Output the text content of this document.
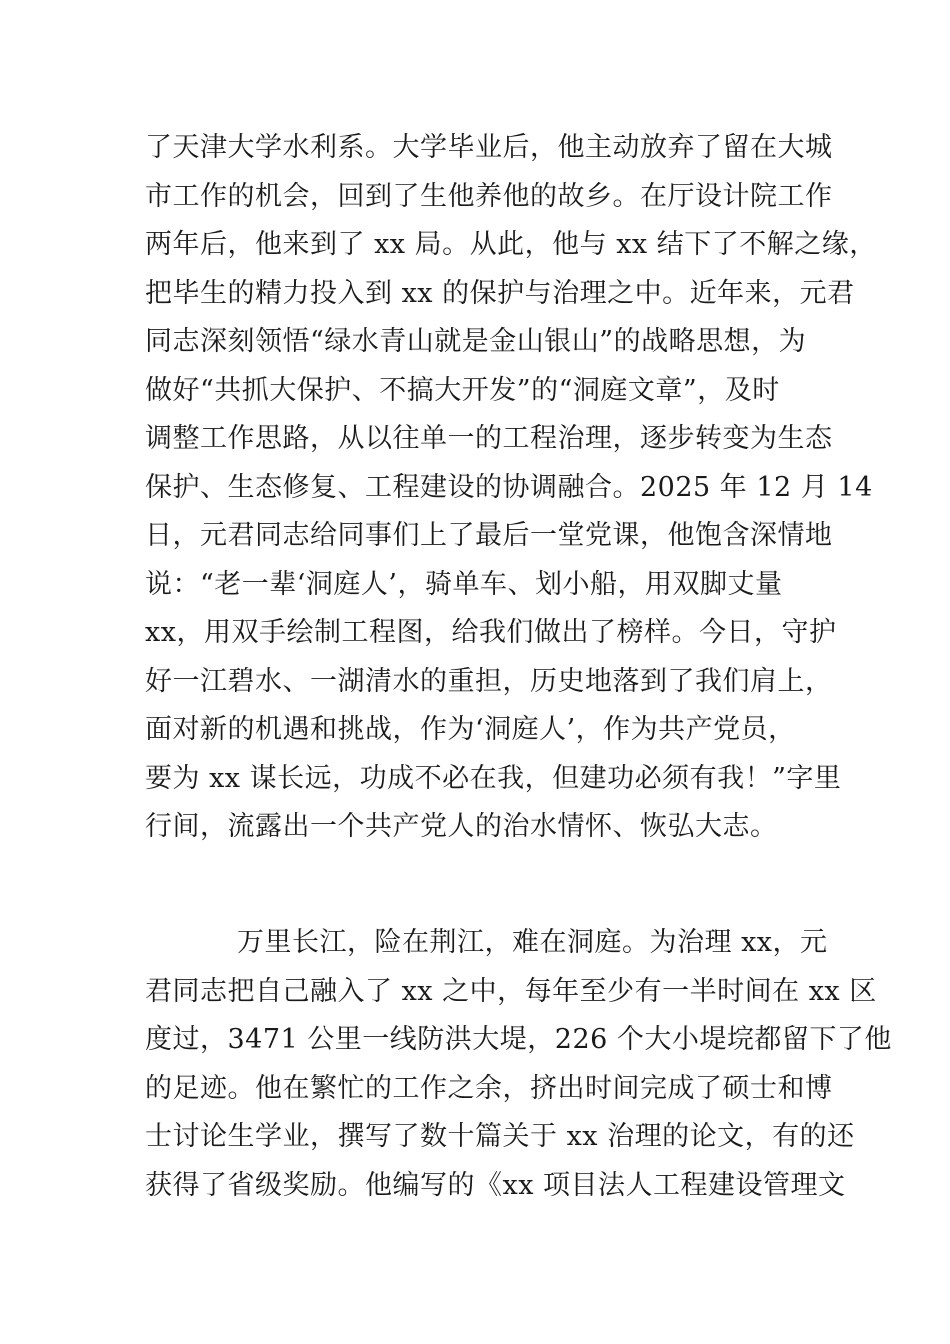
了天津大学水利系。大学毕业后，他主动放弃了留在大城
市工作的机会，回到了生他养他的故乡。在厅设计院工作
两年后，他来到了 xx 局。从此，他与 xx 结下了不解之缘，
把毕生的精力投入到 xx 的保护与治理之中。近年来，元君
同志深刻领悟“绿水青山就是金山银山”的战略思想，为
做好“共抓大保护、不搞大开发”的“洞庭文章”，及时
调整工作思路，从以往单一的工程治理，逐步转变为生态
保护、生态修复、工程建设的协调融合。2025 年 12 月 14
日，元君同志给同事们上了最后一堂党课，他饱含深情地
说：“老一辈‘洞庭人’，骑单车、划小船，用双脚丈量
xx，用双手绘制工程图，给我们做出了榜样。今日，守护
好一江碧水、一湖清水的重担，历史地落到了我们肩上，
面对新的机遇和挑战，作为‘洞庭人’，作为共产党员，
要为 xx 谋长远，功成不必在我，但建功必须有我！”字里
行间，流露出一个共产党人的治水情怀、恢弘大志。
万里长江，险在荆江，难在洞庭。为治理 xx，元
君同志把自己融入了 xx 之中，每年至少有一半时间在 xx 区
度过，3471 公里一线防洪大堤，226 个大小堤垸都留下了他
的足迹。他在繁忙的工作之余，挤出时间完成了硕士和博
士讨论生学业，撰写了数十篇关于 xx 治理的论文，有的还
获得了省级奖励。他编写的《xx 项目法人工程建设管理文
